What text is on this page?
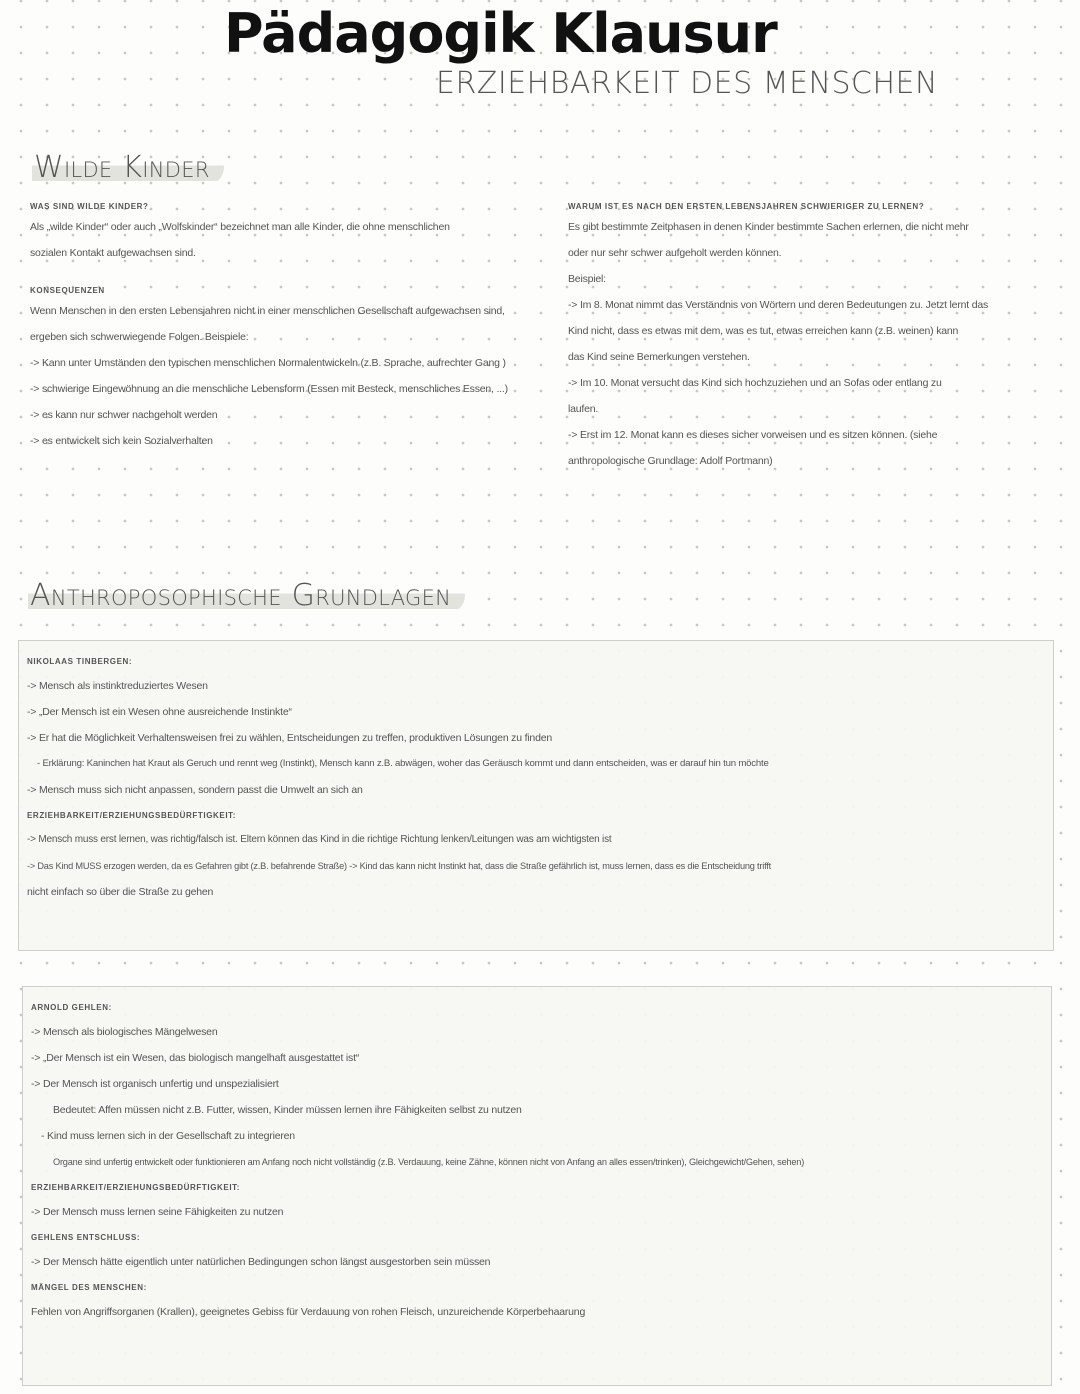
Pädagogik Klausur
ERZIEHBARKEIT DES MENSCHEN
Wilde Kinder

WAS SIND WILDE KINDER?

Als „wilde Kinder“ oder auch „Wolfskinder“ bezeichnet man alle Kinder, die ohne menschlichen

sozialen Kontakt aufgewachsen sind.

KONSEQUENZEN

Wenn Menschen in den ersten Lebensjahren nicht in einer menschlichen Gesellschaft aufgewachsen sind,

ergeben sich schwerwiegende Folgen. Beispiele:

-> Kann unter Umständen den typischen menschlichen Normalentwickeln (z.B. Sprache, aufrechter Gang )

-> schwierige Eingewöhnung an die menschliche Lebensform (Essen mit Besteck, menschliches Essen, ...)

-> es kann nur schwer nachgeholt werden

-> es entwickelt sich kein Sozialverhalten

WARUM IST ES NACH DEN ERSTEN LEBENSJAHREN SCHWIERIGER ZU LERNEN?

Es gibt bestimmte Zeitphasen in denen Kinder bestimmte Sachen erlernen, die nicht mehr

oder nur sehr schwer aufgeholt werden können.

Beispiel:

-> Im 8. Monat nimmt das Verständnis von Wörtern und deren Bedeutungen zu. Jetzt lernt das

Kind nicht, dass es etwas mit dem, was es tut, etwas erreichen kann (z.B. weinen) kann

das Kind seine Bemerkungen verstehen.

-> Im 10. Monat versucht das Kind sich hochzuziehen und an Sofas oder entlang zu

laufen.

-> Erst im 12. Monat kann es dieses sicher vorweisen und es sitzen können. (siehe

anthropologische Grundlage: Adolf Portmann)

Anthroposophische Grundlagen

NIKOLAAS TINBERGEN:

-> Mensch als instinktreduziertes Wesen

-> „Der Mensch ist ein Wesen ohne ausreichende Instinkte“

-> Er hat die Möglichkeit Verhaltensweisen frei zu wählen, Entscheidungen zu treffen, produktiven Lösungen zu finden

- Erklärung: Kaninchen hat Kraut als Geruch und rennt weg (Instinkt), Mensch kann z.B. abwägen, woher das Geräusch kommt und dann entscheiden, was er darauf hin tun möchte

-> Mensch muss sich nicht anpassen, sondern passt die Umwelt an sich an

ERZIEHBARKEIT/ERZIEHUNGSBEDÜRFTIGKEIT:

-> Mensch muss erst lernen, was richtig/falsch ist. Eltern können das Kind in die richtige Richtung lenken/Leitungen was am wichtigsten ist

-> Das Kind MUSS erzogen werden, da es Gefahren gibt (z.B. befahrende Straße) -> Kind das kann nicht Instinkt hat, dass die Straße gefährlich ist, muss lernen, dass es die Entscheidung trifft

nicht einfach so über die Straße zu gehen

ARNOLD GEHLEN:

-> Mensch als biologisches Mängelwesen

-> „Der Mensch ist ein Wesen, das biologisch mangelhaft ausgestattet ist“

-> Der Mensch ist organisch unfertig und unspezialisiert

Bedeutet: Affen müssen nicht z.B. Futter, wissen, Kinder müssen lernen ihre Fähigkeiten selbst zu nutzen

- Kind muss lernen sich in der Gesellschaft zu integrieren

Organe sind unfertig entwickelt oder funktionieren am Anfang noch nicht vollständig (z.B. Verdauung, keine Zähne, können nicht von Anfang an alles essen/trinken), Gleichgewicht/Gehen, sehen)

ERZIEHBARKEIT/ERZIEHUNGSBEDÜRFTIGKEIT:

-> Der Mensch muss lernen seine Fähigkeiten zu nutzen

GEHLENS ENTSCHLUSS:

-> Der Mensch hätte eigentlich unter natürlichen Bedingungen schon längst ausgestorben sein müssen

MÄNGEL DES MENSCHEN:

Fehlen von Angriffsorganen (Krallen), geeignetes Gebiss für Verdauung von rohen Fleisch, unzureichende Körperbehaarung
